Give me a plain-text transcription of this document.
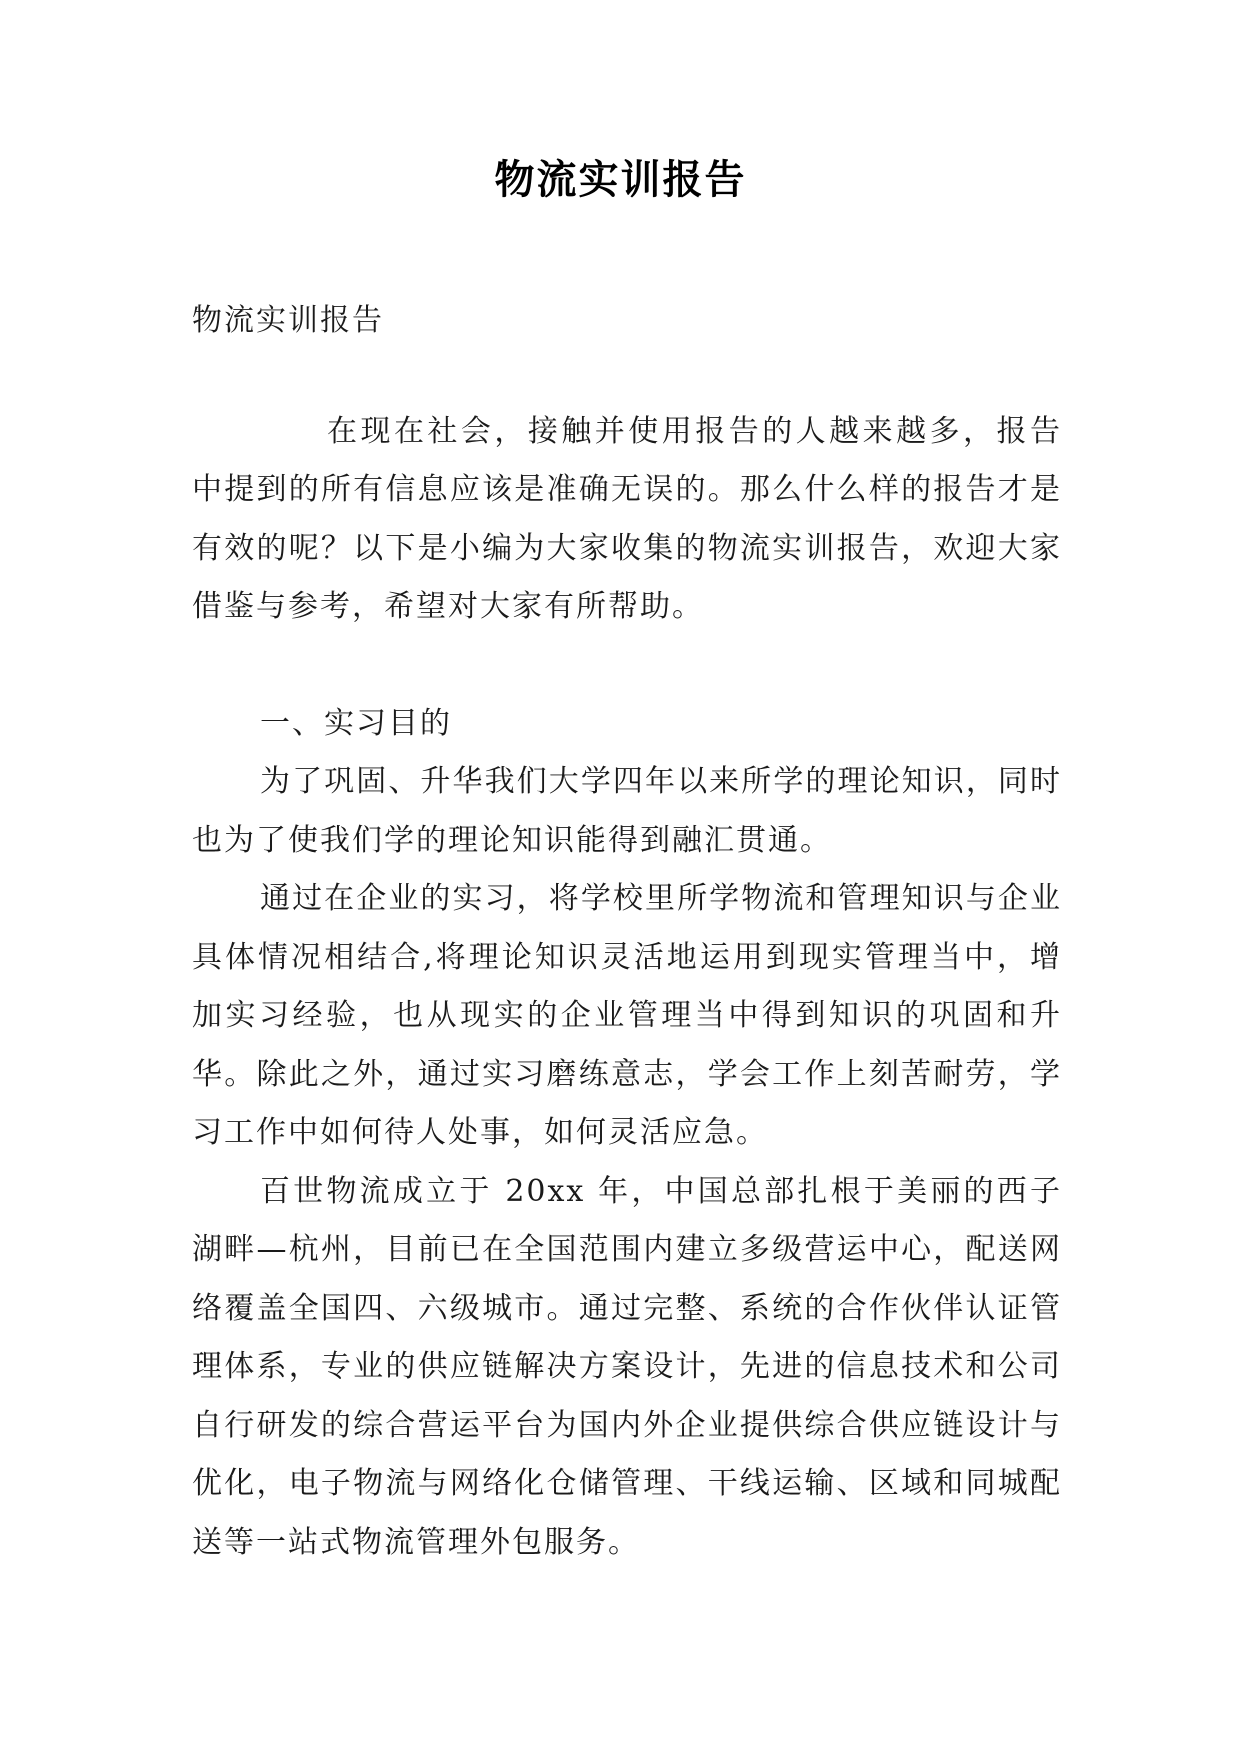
物流实训报告

物流实训报告

在现在社会，接触并使用报告的人越来越多，报告中提到的所有信息应该是准确无误的。那么什么样的报告才是有效的呢？以下是小编为大家收集的物流实训报告，欢迎大家借鉴与参考，希望对大家有所帮助。

一、实习目的

为了巩固、升华我们大学四年以来所学的理论知识，同时也为了使我们学的理论知识能得到融汇贯通。

通过在企业的实习，将学校里所学物流和管理知识与企业具体情况相结合,将理论知识灵活地运用到现实管理当中，增加实习经验，也从现实的企业管理当中得到知识的巩固和升华。除此之外，通过实习磨练意志，学会工作上刻苦耐劳，学习工作中如何待人处事，如何灵活应急。

百世物流成立于 20xx 年，中国总部扎根于美丽的西子湖畔—杭州，目前已在全国范围内建立多级营运中心，配送网络覆盖全国四、六级城市。通过完整、系统的合作伙伴认证管理体系，专业的供应链解决方案设计，先进的信息技术和公司自行研发的综合营运平台为国内外企业提供综合供应链设计与优化，电子物流与网络化仓储管理、干线运输、区域和同城配送等一站式物流管理外包服务。
